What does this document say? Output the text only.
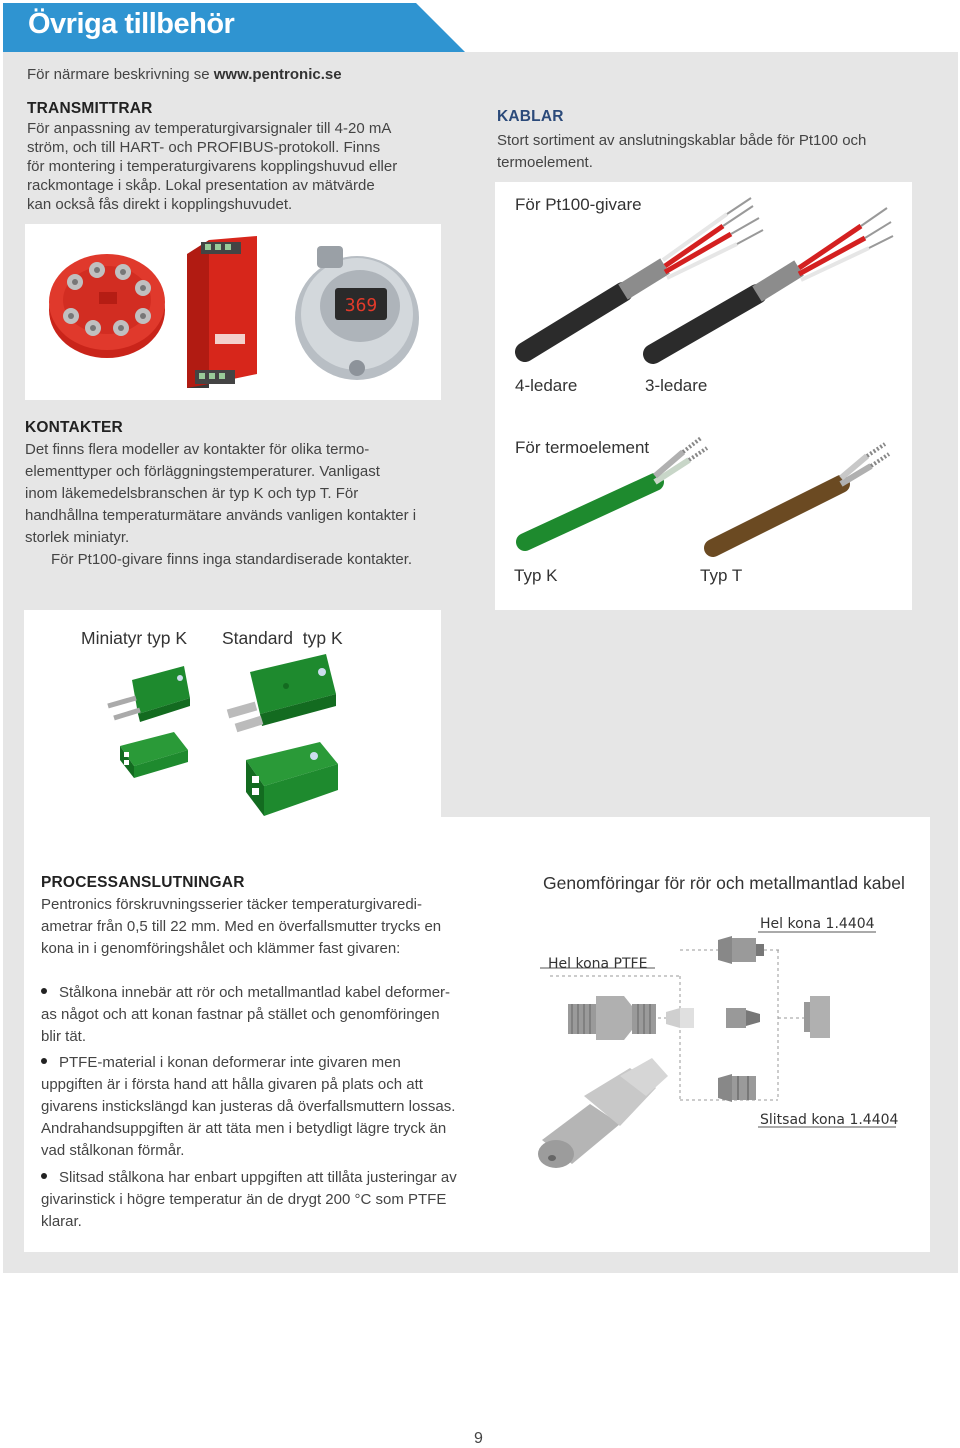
Övriga tillbehör
För närmare beskrivning se www.pentronic.se
TRANSMITTRAR
För anpassning av temperaturgivarsignaler till 4-20 mA
ström, och till HART- och PROFIBUS-protokoll. Finns
för montering i temperaturgivarens kopplingshuvud eller
rackmontage i skåp. Lokal presentation av mätvärde
kan också fås direkt i kopplingshuvudet.
369
KABLAR
Stort sortiment av anslutningskablar både för Pt100 och
termoelement.
För Pt100-givare
4-ledare	3-ledare
För termoelement
Typ K	Typ T
KONTAKTER
Det finns flera modeller av kontakter för olika termo-
elementtyper och förläggningstemperaturer. Vanligast
inom läkemedelsbranschen är typ K och typ T. För
handhållna temperaturmätare används vanligen kontakter i
storlek miniatyr.
För Pt100-givare finns inga standardiserade kontakter.
Miniatyr typ K Standard  typ K
PROCESSANSLUTNINGAR
Pentronics förskruvningsserier täcker temperaturgivaredi-
ametrar från 0,5 till 22 mm. Med en överfallsmutter trycks en
kona in i genomföringshålet och klämmer fast givaren:
Stålkona innebär att rör och metallmantlad kabel deformer-
as något och att konan fastnar på stället och genomföringen
blir tät.
PTFE-material i konan deformerar inte givaren men
uppgiften är i första hand att hålla givaren på plats och att
givarens instickslängd kan justeras då överfallsmuttern lossas.
Andrahandsuppgiften är att täta men i betydligt lägre tryck än
vad stålkonan förmår.
Slitsad stålkona har enbart uppgiften att tillåta justeringar av
givarinstick i högre temperatur än de drygt 200 °C som PTFE
klarar.
Genomföringar för rör och metallmantlad kabel
Hel kona 1.4404
Hel kona PTFE
Slitsad kona 1.4404
9
